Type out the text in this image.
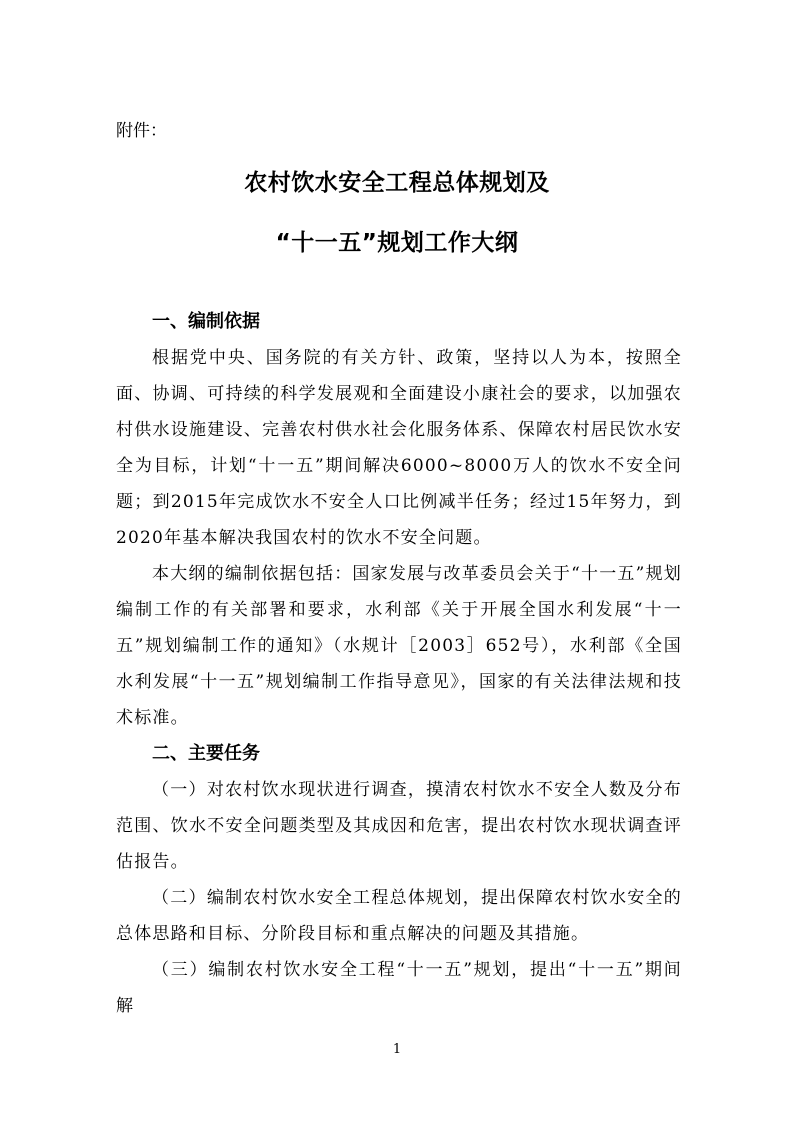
附件：
农村饮水安全工程总体规划及
“十一五”规划工作大纲

一、编制依据

根据党中央、国务院的有关方针、政策，坚持以人为本，按照全面、协调、可持续的科学发展观和全面建设小康社会的要求，以加强农村供水设施建设、完善农村供水社会化服务体系、保障农村居民饮水安全为目标，计划“十一五”期间解决6000~8000万人的饮水不安全问题；到2015年完成饮水不安全人口比例减半任务；经过15年努力，到2020年基本解决我国农村的饮水不安全问题。

本大纲的编制依据包括：国家发展与改革委员会关于“十一五”规划编制工作的有关部署和要求，水利部《关于开展全国水利发展“十一五”规划编制工作的通知》（水规计［2003］652号），水利部《全国水利发展“十一五”规划编制工作指导意见》，国家的有关法律法规和技术标准。

二、主要任务

（一）对农村饮水现状进行调查，摸清农村饮水不安全人数及分布范围、饮水不安全问题类型及其成因和危害，提出农村饮水现状调查评估报告。

（二）编制农村饮水安全工程总体规划，提出保障农村饮水安全的总体思路和目标、分阶段目标和重点解决的问题及其措施。

（三）编制农村饮水安全工程“十一五”规划，提出“十一五”期间解

1
